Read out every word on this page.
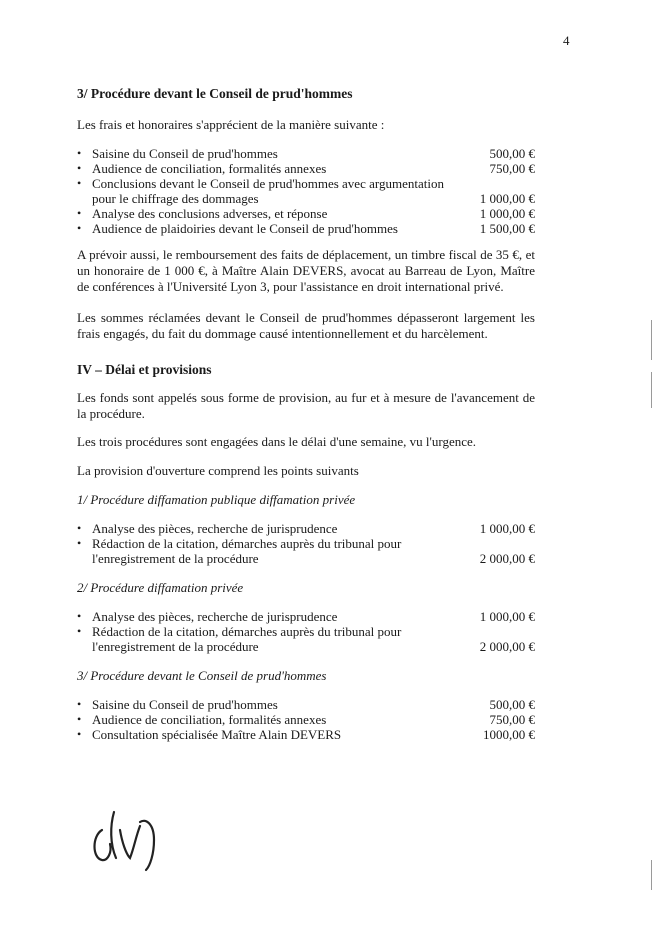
4
3/ Procédure devant le Conseil de prud'hommes
Les frais et honoraires s'apprécient de la manière suivante :
• Saisine du Conseil de prud'hommes	500,00 €
• Audience de conciliation, formalités annexes	750,00 €
• Conclusions devant le Conseil de prud'hommes avec argumentation
pour le chiffrage des dommages	1 000,00 €
• Analyse des conclusions adverses, et réponse	1 000,00 €
• Audience de plaidoiries devant le Conseil de prud'hommes	1 500,00 €
A prévoir aussi, le remboursement des faits de déplacement, un timbre fiscal de 35 €, et un honoraire de 1 000 €, à Maître Alain DEVERS, avocat au Barreau de Lyon, Maître de conférences à l'Université Lyon 3, pour l'assistance en droit international privé.
Les sommes réclamées devant le Conseil de prud'hommes dépasseront largement les frais engagés, du fait du dommage causé intentionnellement et du harcèlement.
IV – Délai et provisions
Les fonds sont appelés sous forme de provision, au fur et à mesure de l'avancement de la procédure.
Les trois procédures sont engagées dans le délai d'une semaine, vu l'urgence.
La provision d'ouverture comprend les points suivants
1/ Procédure diffamation publique diffamation privée
• Analyse des pièces, recherche de jurisprudence	1 000,00 €
• Rédaction de la citation, démarches auprès du tribunal pour
l'enregistrement de la procédure	2 000,00 €
2/ Procédure diffamation privée
• Analyse des pièces, recherche de jurisprudence	1 000,00 €
• Rédaction de la citation, démarches auprès du tribunal pour
l'enregistrement de la procédure	2 000,00 €
3/ Procédure devant le Conseil de prud'hommes
• Saisine du Conseil de prud'hommes	500,00 €
• Audience de conciliation, formalités annexes	750,00 €
• Consultation spécialisée Maître Alain DEVERS	1000,00 €
